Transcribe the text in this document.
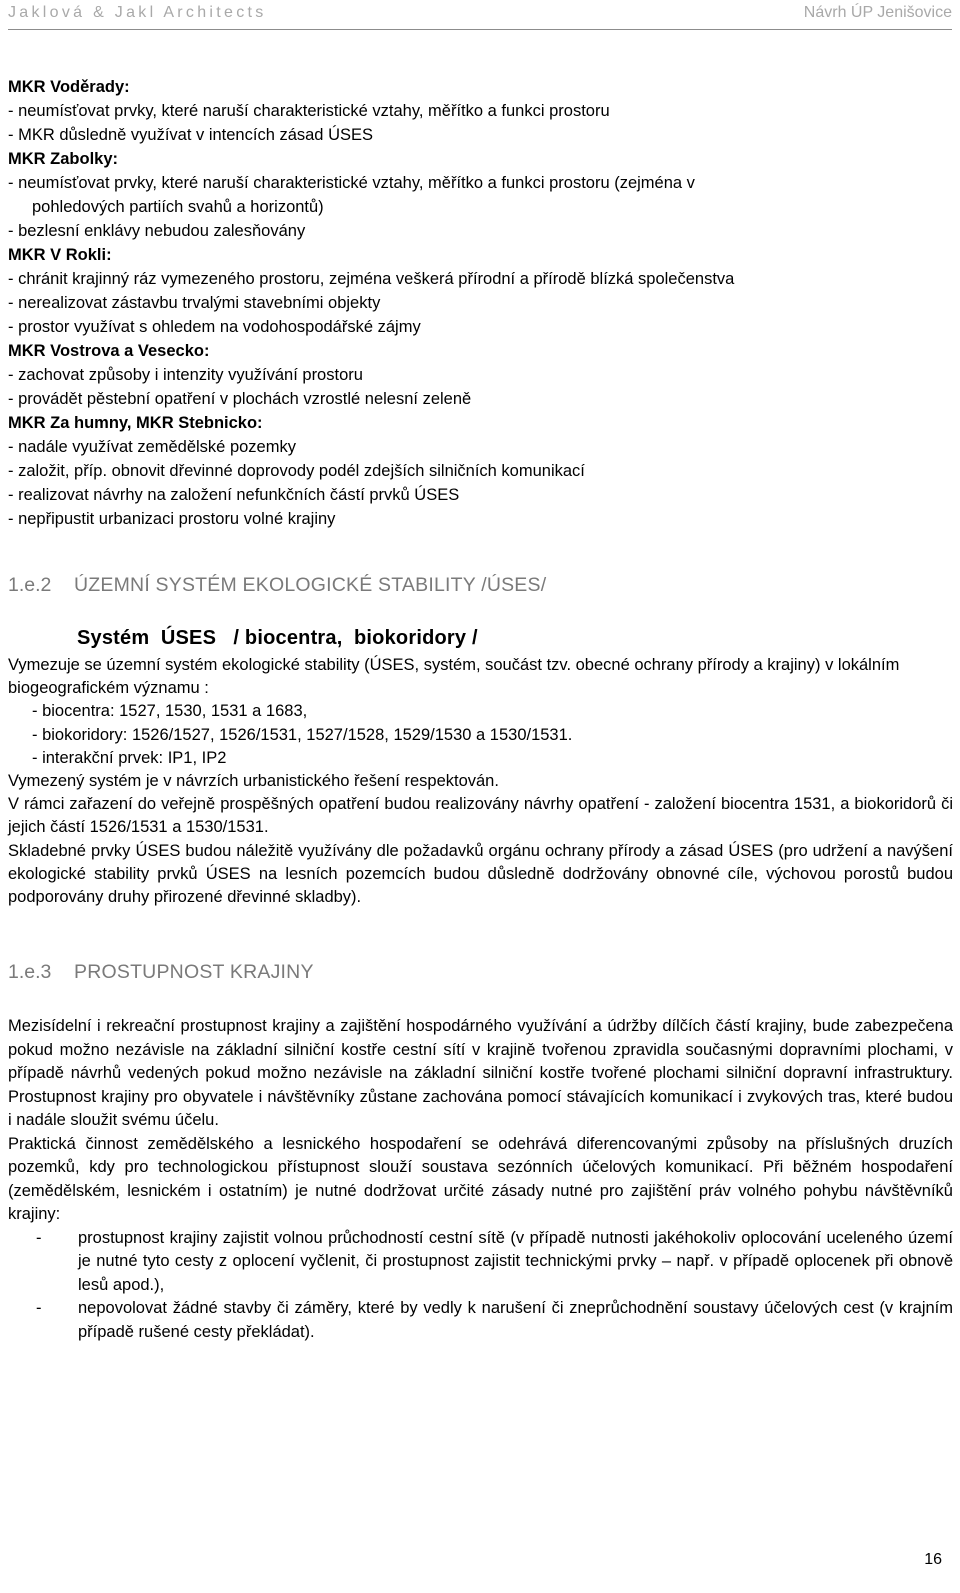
Jaklová & Jakl Architects	Návrh ÚP Jenišovice
MKR Voděrady:
- neumísťovat prvky, které naruší charakteristické vztahy, měřítko a funkci prostoru
- MKR důsledně využívat v intencích zásad ÚSES
MKR Zabolky:
- neumísťovat prvky, které naruší charakteristické vztahy, měřítko a funkci prostoru (zejména v
pohledových partiích svahů a horizontů)
- bezlesní enklávy nebudou zalesňovány
MKR V Rokli:
- chránit krajinný ráz vymezeného prostoru, zejména veškerá přírodní a přírodě blízká společenstva
- nerealizovat zástavbu trvalými stavebními objekty
- prostor využívat s ohledem na vodohospodářské zájmy
MKR Vostrova a Vesecko:
- zachovat způsoby i intenzity využívání prostoru
- provádět pěstební opatření v plochách vzrostlé nelesní zeleně
MKR Za humny, MKR Stebnicko:
- nadále využívat zemědělské pozemky
- založit, příp. obnovit dřevinné doprovody podél zdejších silničních komunikací
- realizovat návrhy na založení nefunkčních částí prvků ÚSES
- nepřipustit urbanizaci prostoru volné krajiny
1.e.2 ÚZEMNÍ SYSTÉM EKOLOGICKÉ STABILITY /ÚSES/
Systém  ÚSES   / biocentra,  biokoridory /

Vymezuje se územní systém ekologické stability (ÚSES, systém, součást tzv. obecné ochrany přírody a krajiny) v lokálním biogeografickém významu :

- biocentra: 1527, 1530, 1531 a 1683,
- biokoridory: 1526/1527, 1526/1531, 1527/1528, 1529/1530 a 1530/1531.
- interakční prvek: IP1, IP2

Vymezený systém je v návrzích urbanistického řešení respektován.

V rámci zařazení do veřejně prospěšných opatření budou realizovány návrhy opatření - založení biocentra 1531, a biokoridorů či jejich částí 1526/1531 a 1530/1531.

Skladebné prvky ÚSES budou náležitě využívány dle požadavků orgánu ochrany přírody a zásad ÚSES (pro udržení a navýšení ekologické stability prvků ÚSES na lesních pozemcích budou důsledně dodržovány obnovné cíle, výchovou porostů budou podporovány druhy přirozené dřevinné skladby).

1.e.3 PROSTUPNOST KRAJINY

Mezisídelní i rekreační prostupnost krajiny a zajištění hospodárného využívání a údržby dílčích částí krajiny, bude zabezpečena pokud možno nezávisle na základní silniční kostře cestní sítí v krajině tvořenou zpravidla současnými dopravními plochami, v případě návrhů vedených pokud možno nezávisle na základní silniční kostře tvořené plochami silniční dopravní infrastruktury. Prostupnost krajiny pro obyvatele i návštěvníky zůstane zachována pomocí stávajících komunikací i zvykových tras, které budou i nadále sloužit svému účelu.

Praktická činnost zemědělského a lesnického hospodaření se odehrává diferencovanými způsoby na příslušných druzích pozemků, kdy pro technologickou přístupnost slouží soustava sezónních účelových komunikací. Při běžném hospodaření (zemědělském, lesnickém i ostatním) je nutné dodržovat určité zásady nutné pro zajištění práv volného pohybu návštěvníků krajiny:

-	prostupnost krajiny zajistit volnou průchodností cestní sítě (v případě nutnosti jakéhokoliv oplocování uceleného území je nutné tyto cesty z oplocení vyčlenit, či prostupnost zajistit technickými prvky – např. v případě oplocenek při obnově lesů apod.),
-	nepovolovat žádné stavby či záměry, které by vedly k narušení či zneprůchodnění soustavy účelových cest (v krajním případě rušené cesty překládat).
16
